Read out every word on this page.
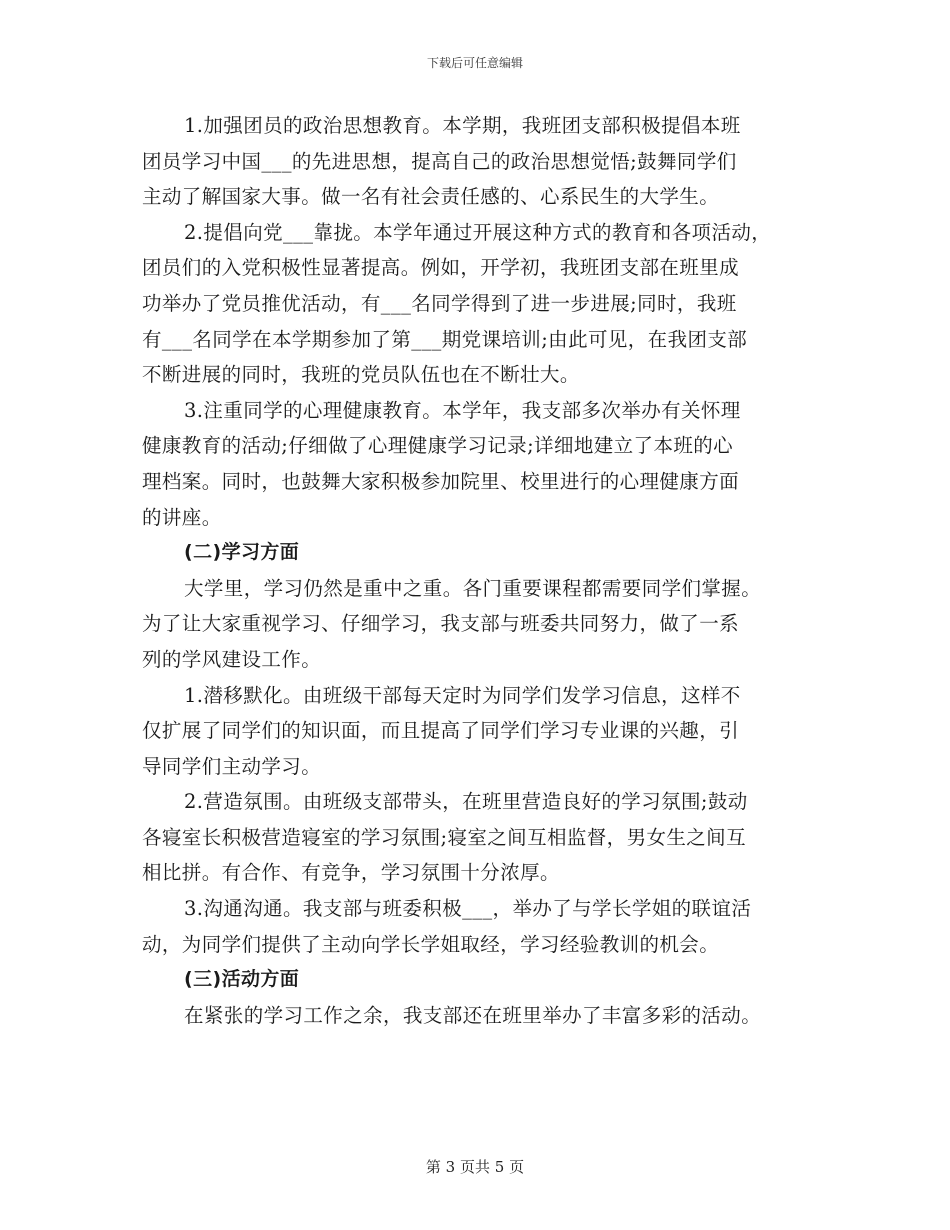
下载后可任意编辑
1.加强团员的政治思想教育。本学期，我班团支部积极提倡本班
团员学习中国___的先进思想，提高自己的政治思想觉悟;鼓舞同学们
主动了解国家大事。做一名有社会责任感的、心系民生的大学生。
2.提倡向党___靠拢。本学年通过开展这种方式的教育和各项活动，
团员们的入党积极性显著提高。例如，开学初，我班团支部在班里成
功举办了党员推优活动，有___名同学得到了进一步进展;同时，我班
有___名同学在本学期参加了第___期党课培训;由此可见，在我团支部
不断进展的同时，我班的党员队伍也在不断壮大。
3.注重同学的心理健康教育。本学年，我支部多次举办有关怀理
健康教育的活动;仔细做了心理健康学习记录;详细地建立了本班的心
理档案。同时，也鼓舞大家积极参加院里、校里进行的心理健康方面
的讲座。
(二)学习方面
大学里，学习仍然是重中之重。各门重要课程都需要同学们掌握。
为了让大家重视学习、仔细学习，我支部与班委共同努力，做了一系
列的学风建设工作。
1.潜移默化。由班级干部每天定时为同学们发学习信息，这样不
仅扩展了同学们的知识面，而且提高了同学们学习专业课的兴趣，引
导同学们主动学习。
2.营造氛围。由班级支部带头，在班里营造良好的学习氛围;鼓动
各寝室长积极营造寝室的学习氛围;寝室之间互相监督，男女生之间互
相比拼。有合作、有竞争，学习氛围十分浓厚。
3.沟通沟通。我支部与班委积极___，举办了与学长学姐的联谊活
动，为同学们提供了主动向学长学姐取经，学习经验教训的机会。
(三)活动方面
在紧张的学习工作之余，我支部还在班里举办了丰富多彩的活动。
第 3 页共 5 页
